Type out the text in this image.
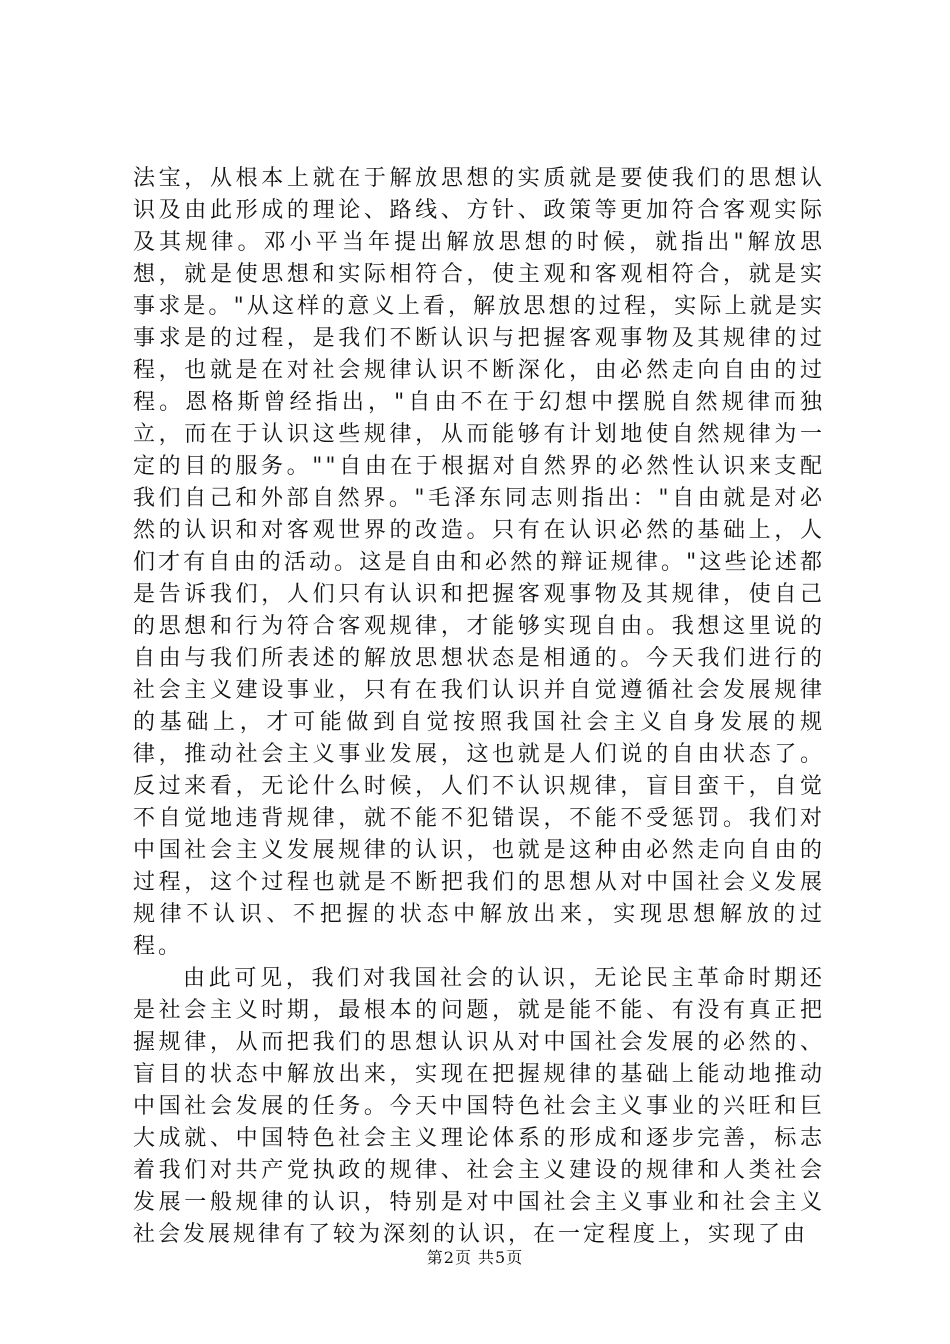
法宝，从根本上就在于解放思想的实质就是要使我们的思想认识及由此形成的理论、路线、方针、政策等更加符合客观实际及其规律。邓小平当年提出解放思想的时候，就指出"解放思想，就是使思想和实际相符合，使主观和客观相符合，就是实事求是。"从这样的意义上看，解放思想的过程，实际上就是实事求是的过程，是我们不断认识与把握客观事物及其规律的过程，也就是在对社会规律认识不断深化，由必然走向自由的过程。恩格斯曾经指出，"自由不在于幻想中摆脱自然规律而独立，而在于认识这些规律，从而能够有计划地使自然规律为一定的目的服务。""自由在于根据对自然界的必然性认识来支配我们自己和外部自然界。"毛泽东同志则指出："自由就是对必然的认识和对客观世界的改造。只有在认识必然的基础上，人们才有自由的活动。这是自由和必然的辩证规律。"这些论述都是告诉我们，人们只有认识和把握客观事物及其规律，使自己的思想和行为符合客观规律，才能够实现自由。我想这里说的自由与我们所表述的解放思想状态是相通的。今天我们进行的社会主义建设事业，只有在我们认识并自觉遵循社会发展规律的基础上，才可能做到自觉按照我国社会主义自身发展的规律，推动社会主义事业发展，这也就是人们说的自由状态了。反过来看，无论什么时候，人们不认识规律，盲目蛮干，自觉不自觉地违背规律，就不能不犯错误，不能不受惩罚。我们对中国社会主义发展规律的认识，也就是这种由必然走向自由的过程，这个过程也就是不断把我们的思想从对中国社会义发展规律不认识、不把握的状态中解放出来，实现思想解放的过程。

由此可见，我们对我国社会的认识，无论民主革命时期还是社会主义时期，最根本的问题，就是能不能、有没有真正把握规律，从而把我们的思想认识从对中国社会发展的必然的、盲目的状态中解放出来，实现在把握规律的基础上能动地推动中国社会发展的任务。今天中国特色社会主义事业的兴旺和巨大成就、中国特色社会主义理论体系的形成和逐步完善，标志着我们对共产党执政的规律、社会主义建设的规律和人类社会发展一般规律的认识，特别是对中国社会主义事业和社会主义社会发展规律有了较为深刻的认识，在一定程度上，实现了由

第2页 共5页
